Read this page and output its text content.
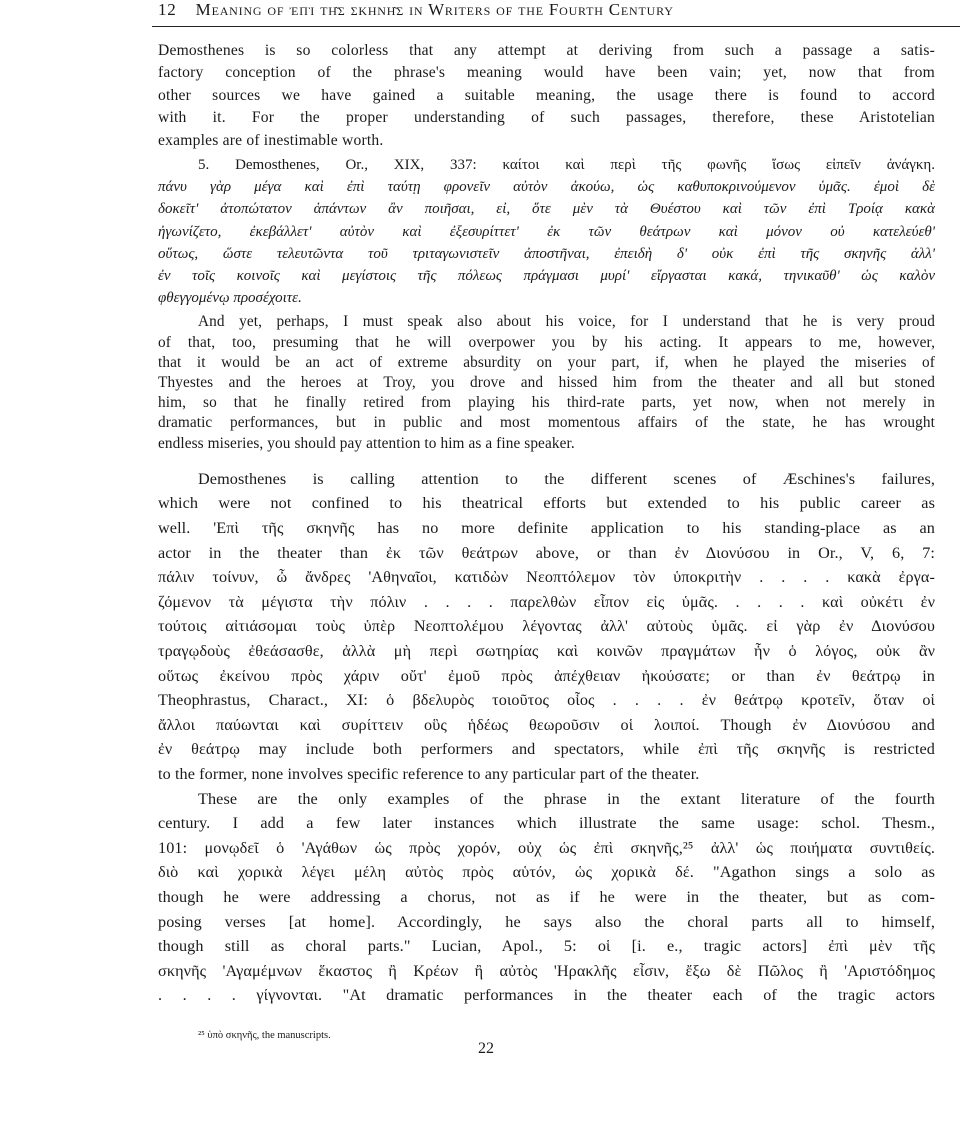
12 Meaning of ἐπὶ τῆς σκηνῆς in Writers of the Fourth Century
Demosthenes is so colorless that any attempt at deriving from such a passage a satis-
factory conception of the phrase's meaning would have been vain; yet, now that from
other sources we have gained a suitable meaning, the usage there is found to accord
with it. For the proper understanding of such passages, therefore, these Aristotelian
examples are of inestimable worth.
5. Demosthenes, Or., XIX, 337: καίτοι καὶ περὶ τῆς φωνῆς ἴσως εἰπεῖν ἀνάγκη.
πάνυ γὰρ μέγα καὶ ἐπὶ ταύτῃ φρονεῖν αὐτὸν ἀκούω, ὡς καθυποκρινούμενον ὑμᾶς. ἐμοὶ δὲ
δοκεῖτ' ἀτοπώτατον ἁπάντων ἂν ποιῆσαι, εἰ, ὅτε μὲν τὰ Θυέστου καὶ τῶν ἐπὶ Τροίᾳ κακὰ
ἠγωνίζετο, ἐκεβάλλετ' αὐτὸν καὶ ἐξεσυρίττετ' ἐκ τῶν θεάτρων καὶ μόνον οὐ κατελεύεθ'
οὕτως, ὥστε τελευτῶντα τοῦ τριταγωνιστεῖν ἀποστῆναι, ἐπειδὴ δ' οὐκ ἐπὶ τῆς σκηνῆς ἀλλ'
ἐν τοῖς κοινοῖς καὶ μεγίστοις τῆς πόλεως πράγμασι μυρί' εἴργασται κακά, τηνικαῦθ' ὡς καλὸν
φθεγγομένῳ προσέχοιτε.
And yet, perhaps, I must speak also about his voice, for I understand that he is very proud
of that, too, presuming that he will overpower you by his acting. It appears to me, however,
that it would be an act of extreme absurdity on your part, if, when he played the miseries of
Thyestes and the heroes at Troy, you drove and hissed him from the theater and all but stoned
him, so that he finally retired from playing his third-rate parts, yet now, when not merely in
dramatic performances, but in public and most momentous affairs of the state, he has wrought
endless miseries, you should pay attention to him as a fine speaker.
Demosthenes is calling attention to the different scenes of Æschines's failures,
which were not confined to his theatrical efforts but extended to his public career as
well. 'Επὶ τῆς σκηνῆς has no more definite application to his standing-place as an
actor in the theater than ἐκ τῶν θεάτρων above, or than ἐν Διονύσου in Or., V, 6, 7:
πάλιν τοίνυν, ὦ ἄνδρες 'Αθηναῖοι, κατιδὼν Νεοπτόλεμον τὸν ὑποκριτὴν . . . . κακὰ ἐργα-
ζόμενον τὰ μέγιστα τὴν πόλιν . . . . παρελθὼν εἶπον εἰς ὑμᾶς. . . . . καὶ οὐκέτι ἐν
τούτοις αἰτιάσομαι τοὺς ὑπὲρ Νεοπτολέμου λέγοντας ἀλλ' αὐτοὺς ὑμᾶς. εἰ γὰρ ἐν Διονύσου
τραγῳδοὺς ἐθεάσασθε, ἀλλὰ μὴ περὶ σωτηρίας καὶ κοινῶν πραγμάτων ἦν ὁ λόγος, οὐκ ἂν
οὕτως ἐκείνου πρὸς χάριν οὔτ' ἐμοῦ πρὸς ἀπέχθειαν ἠκούσατε; or than ἐν θεάτρῳ in
Theophrastus, Charact., XI: ὁ βδελυρὸς τοιοῦτος οἷος . . . . ἐν θεάτρῳ κροτεῖν, ὅταν οἱ
ἄλλοι παύωνται καὶ συρίττειν οὓς ἡδέως θεωροῦσιν οἱ λοιποί. Though ἐν Διονύσου and
ἐν θεάτρῳ may include both performers and spectators, while ἐπὶ τῆς σκηνῆς is restricted
to the former, none involves specific reference to any particular part of the theater.
These are the only examples of the phrase in the extant literature of the fourth
century. I add a few later instances which illustrate the same usage: schol. Thesm.,
101: μονῳδεῖ ὁ 'Αγάθων ὡς πρὸς χορόν, οὐχ ὡς ἐπὶ σκηνῆς,²⁵ ἀλλ' ὡς ποιήματα συντιθείς.
διὸ καὶ χορικὰ λέγει μέλη αὐτὸς πρὸς αὑτόν, ὡς χορικὰ δέ. "Agathon sings a solo as
though he were addressing a chorus, not as if he were in the theater, but as com-
posing verses [at home]. Accordingly, he says also the choral parts all to himself,
though still as choral parts." Lucian, Apol., 5: οἱ [i. e., tragic actors] ἐπὶ μὲν τῆς
σκηνῆς 'Αγαμέμνων ἕκαστος ἢ Κρέων ἢ αὐτὸς 'Ηρακλῆς εἶσιν, ἔξω δὲ Πῶλος ἢ 'Αριστόδημος
. . . . γίγνονται. "At dramatic performances in the theater each of the tragic actors
²⁵ ὑπὸ σκηνῆς, the manuscripts.
22
